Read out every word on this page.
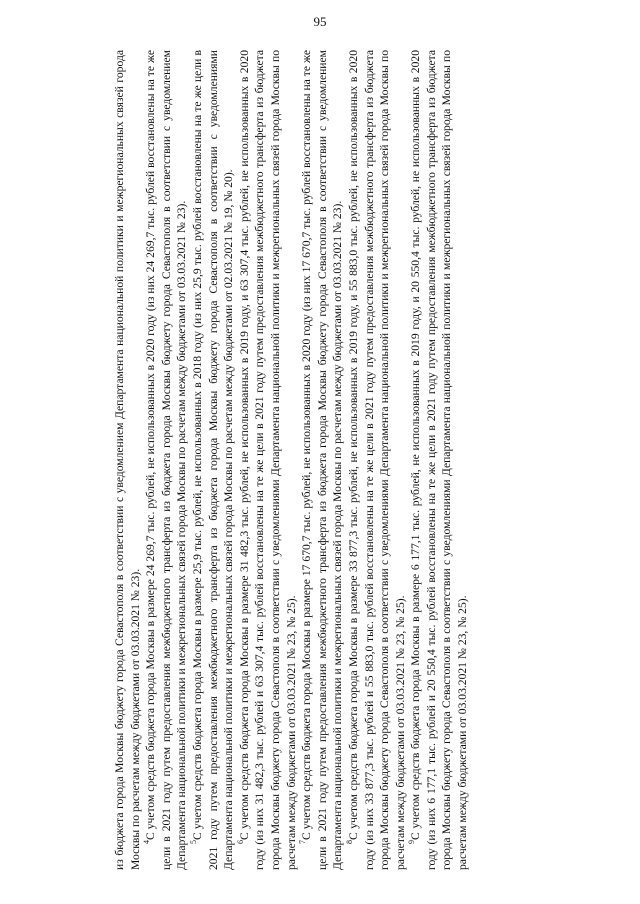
95

из бюджета города Москвы бюджету города Севастополя в соответствии с уведомлением Департамента национальной политики и межрегиональных связей города Москвы по расчетам между бюджетами от 03.03.2021 № 23). $^4$С учетом средств бюджета города Москвы в размере 24 269,7 тыс. рублей, не использованных в 2020 году (из них 24 269,7 тыс. рублей восстановлены на те же цели в 2021 году путем предоставления межбюджетного трансферта из бюджета города Москвы бюджету города Севастополя в соответствии с уведомлением Департамента национальной политики и межрегиональных связей города Москвы по расчетам между бюджетами от 03.03.2021 № 23). $^5$С учетом средств бюджета города Москвы в размере 25,9 тыс. рублей, не использованных в 2018 году (из них 25,9 тыс. рублей восстановлены на те же цели в 2021 году путем предоставления межбюджетного трансферта из бюджета города Москвы бюджету города Севастополя в соответствии с уведомлениями Департамента национальной политики и межрегиональных связей города Москвы по расчетам между бюджетами от 02.03.2021 № 19, № 20). $^6$С учетом средств бюджета города Москвы в размере 31 482,3 тыс. рублей, не использованных в 2019 году, и 63 307,4 тыс. рублей, не использованных в 2020 году (из них 31 482,3 тыс. рублей и 63 307,4 тыс. рублей восстановлены на те же цели в 2021 году путем предоставления межбюджетного трансферта из бюджета города Москвы бюджету города Севастополя в соответствии с уведомлениями Департамента национальной политики и межрегиональных связей города Москвы по расчетам между бюджетами от 03.03.2021 № 23, № 25). $^7$С учетом средств бюджета города Москвы в размере 17 670,7 тыс. рублей, не использованных в 2020 году (из них 17 670,7 тыс. рублей восстановлены на те же цели в 2021 году путем предоставления межбюджетного трансферта из бюджета города Москвы бюджету города Севастополя в соответствии с уведомлением Департамента национальной политики и межрегиональных связей города Москвы по расчетам между бюджетами от 03.03.2021 № 23). $^8$С учетом средств бюджета города Москвы в размере 33 877,3 тыс. рублей, не использованных в 2019 году, и 55 883,0 тыс. рублей, не использованных в 2020 году (из них 33 877,3 тыс. рублей и 55 883,0 тыс. рублей восстановлены на те же цели в 2021 году путем предоставления межбюджетного трансферта из бюджета города Москвы бюджету города Севастополя в соответствии с уведомлениями Департамента национальной политики и межрегиональных связей города Москвы по расчетам между бюджетами от 03.03.2021 № 23, № 25). $^9$С учетом средств бюджета города Москвы в размере 6 177,1 тыс. рублей, не использованных в 2019 году, и 20 550,4 тыс. рублей, не использованных в 2020 году (из них 6 177,1 тыс. рублей и 20 550,4 тыс. рублей восстановлены на те же цели в 2021 году путем предоставления межбюджетного трансферта из бюджета города Москвы бюджету города Севастополя в соответствии с уведомлениями Департамента национальной политики и межрегиональных связей города Москвы по расчетам между бюджетами от 03.03.2021 № 23, № 25).
